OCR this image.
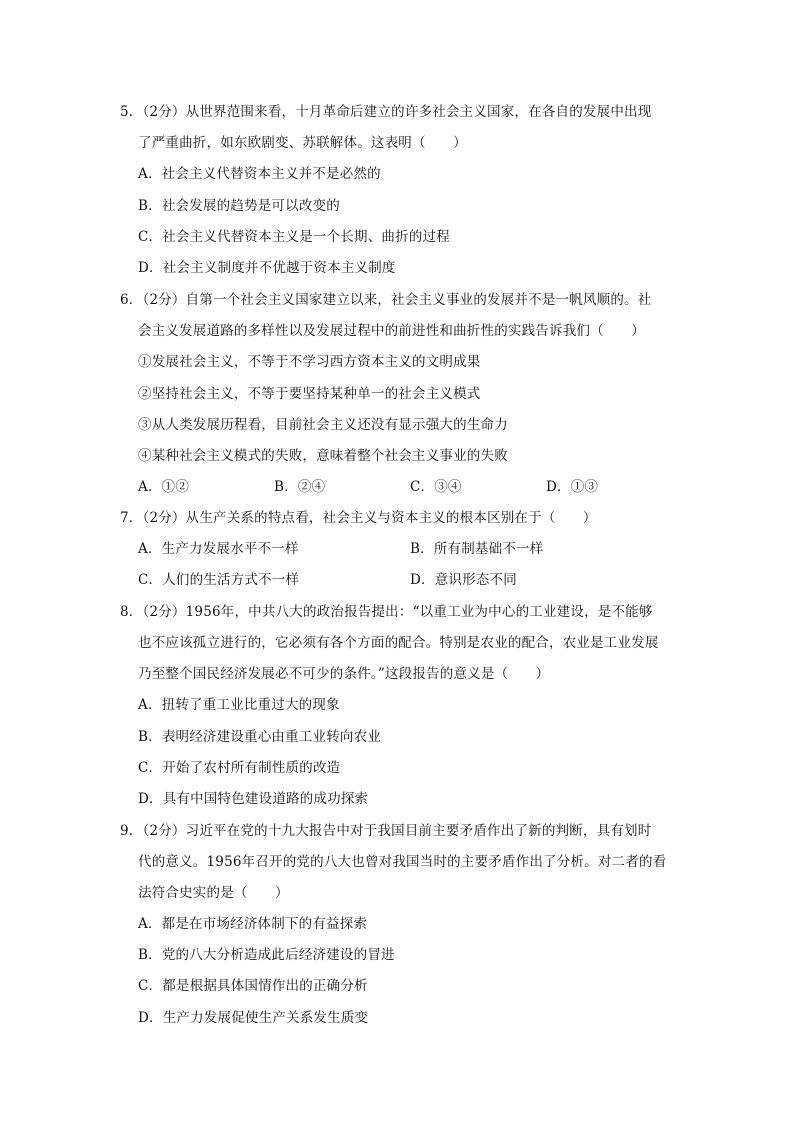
5．（2分）从世界范围来看，十月革命后建立的许多社会主义国家，在各自的发展中出现
了严重曲折，如东欧剧变、苏联解体。这表明（　　）
A．社会主义代替资本主义并不是必然的
B．社会发展的趋势是可以改变的
C．社会主义代替资本主义是一个长期、曲折的过程
D．社会主义制度并不优越于资本主义制度
6．（2分）自第一个社会主义国家建立以来，社会主义事业的发展并不是一帆风顺的。社
会主义发展道路的多样性以及发展过程中的前进性和曲折性的实践告诉我们（　　）
①发展社会主义，不等于不学习西方资本主义的文明成果
②坚持社会主义，不等于要坚持某种单一的社会主义模式
③从人类发展历程看，目前社会主义还没有显示强大的生命力
④某种社会主义模式的失败，意味着整个社会主义事业的失败
A．①②	B．②④	C．③④	D．①③
7．（2分）从生产关系的特点看，社会主义与资本主义的根本区别在于（　　）
A．生产力发展水平不一样	B．所有制基础不一样
C．人们的生活方式不一样	D．意识形态不同
8．（2分）1956年，中共八大的政治报告提出：“以重工业为中心的工业建设，是不能够
也不应该孤立进行的，它必须有各个方面的配合。特别是农业的配合，农业是工业发展
乃至整个国民经济发展必不可少的条件。”这段报告的意义是（　　）
A．扭转了重工业比重过大的现象
B．表明经济建设重心由重工业转向农业
C．开始了农村所有制性质的改造
D．具有中国特色建设道路的成功探索
9．（2分）习近平在党的十九大报告中对于我国目前主要矛盾作出了新的判断，具有划时
代的意义。1956年召开的党的八大也曾对我国当时的主要矛盾作出了分析。对二者的看
法符合史实的是（　　）
A．都是在市场经济体制下的有益探索
B．党的八大分析造成此后经济建设的冒进
C．都是根据具体国情作出的正确分析
D．生产力发展促使生产关系发生质变
